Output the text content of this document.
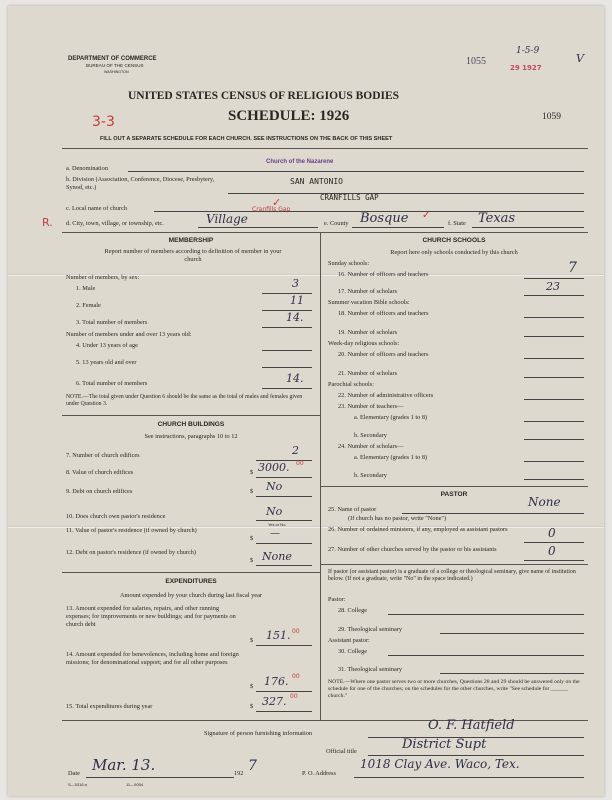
DEPARTMENT OF COMMERCE
BUREAU OF THE CENSUS
WASHINGTON
UNITED STATES CENSUS OF RELIGIOUS BODIES
SCHEDULE: 1926
3-3	1059
1055
29 1927
1-5-9
V
FILL OUT A SEPARATE SCHEDULE FOR EACH CHURCH. SEE INSTRUCTIONS ON THE BACK OF THIS SHEET
Church of the Nazarene
a. Denomination
b. Division (Association, Conference, Diocese, Presbytery, Synod, etc.)
SAN ANTONIO
CRANFILLS GAP
c. Local name of church	✓
R. d. City, town, village, or township, etc.	Village
Cranfills Gap
e. County Bosque ✓
f. State Texas
MEMBERSHIP
Report number of members according to definition of member in your church
Number of members, by sex:
1. Male	3
2. Female	11
3. Total number of members	14.
Number of members under and over 13 years old:
4. Under 13 years of age
5. 13 years old and over
6. Total number of members	14.
NOTE.—The total given under Question 6 should be the same as the total of males and females given under Question 3.
CHURCH BUILDINGS
See instructions, paragraphs 10 to 12
7. Number of church edifices	2
8. Value of church edifices	$ 3000. 00
9. Debt on church edifices	$ No
10. Does church own pastor's residence	No
Yes or No
11. Value of pastor's residence (if owned by church)
$ —
12. Debt on pastor's residence (if owned by church)
$ None
EXPENDITURES
Amount expended by your church during last fiscal year
13. Amount expended for salaries, repairs, and other running expenses; for improvements or new buildings; and for payments on church debt
$ 151. 00
14. Amount expended for benevolences, including home and foreign missions; for denominational support; and for all other purposes
$ 176. 00
15. Total expenditures during year	$ 327. 00
CHURCH SCHOOLS
Report here only schools conducted by this church
Sunday schools:
16. Number of officers and teachers	7
17. Number of scholars	23
Summer vacation Bible schools:
18. Number of officers and teachers
19. Number of scholars
Week-day religious schools:
20. Number of officers and teachers
21. Number of scholars
Parochial schools:
22. Number of administrative officers
23. Number of teachers—
a. Elementary (grades 1 to 8)
b. Secondary
24. Number of scholars—
a. Elementary (grades 1 to 8)
b. Secondary
PASTOR
25. Name of pastor
None
(If church has no pastor, write "None")
26. Number of ordained ministers, if any, employed as assistant pastors	0
27. Number of other churches served by the pastor or his assistants	0
If pastor (or assistant pastor) is a graduate of a college or theological seminary, give name of institution below. (If not a graduate, write "No" in the space indicated.)
Pastor:
28. College
29. Theological seminary
Assistant pastor:
30. College
31. Theological seminary
NOTE.—Where one pastor serves two or more churches, Questions 28 and 29 should be answered only on the schedule for one of the churches; on the schedules for the other churches, write "See schedule for ______ church."
Signature of person furnishing information
O. F. Hatfield
Official title	District Supt
Date Mar. 13.	192 7	P. O. Address
1018 Clay Ave. Waco, Tex.
S—5318 a	11—9054
